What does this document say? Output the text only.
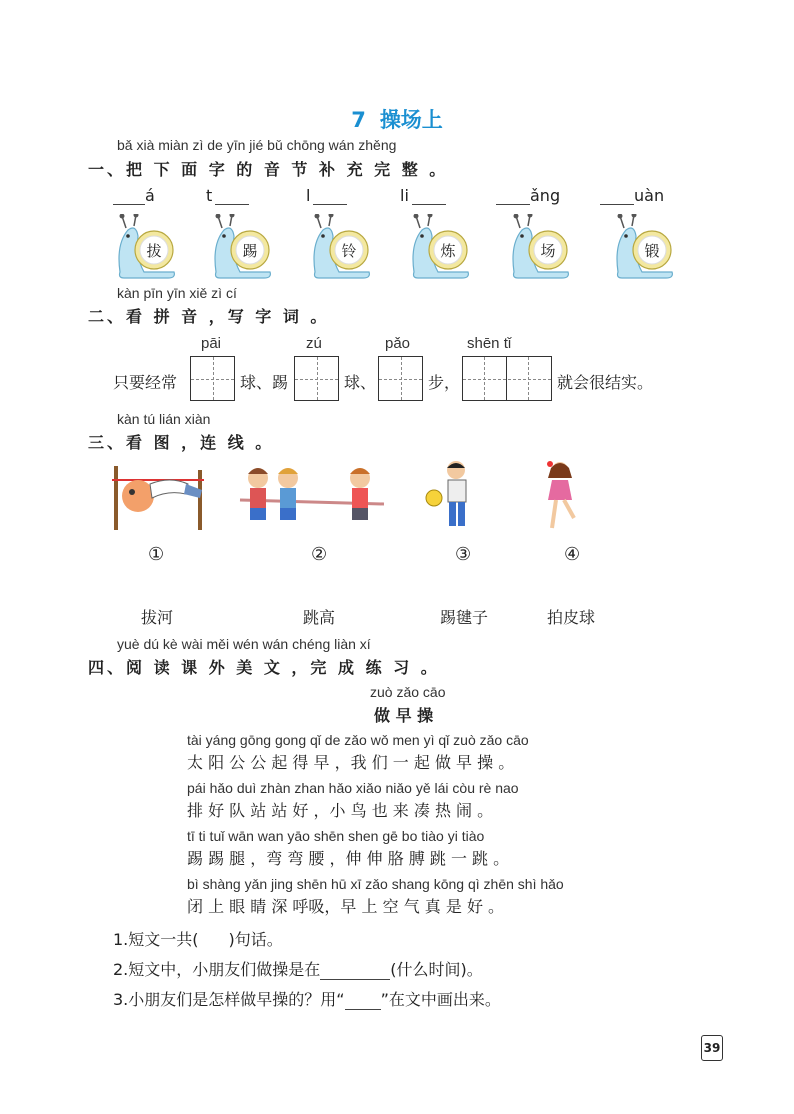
7 操场上
bǎ xià miàn zì de yīn jié bǔ chōng wán zhěng
一、把 下 面 字 的 音 节 补 充 完 整 。
á	t	l	li	ǎng	uàn
拔	踢	铃	炼	场	锻
kàn pīn yīn xiě zì cí
二、看 拼 音 ，写 字 词 。
pāi	zú	pǎo	shēn tǐ
只要经常	球、踢	球、	步，	就会很结实。
kàn tú lián xiàn
三、看 图 ，连 线 。
①	②	③	④
拔河	跳高	踢毽子	拍皮球
yuè dú kè wài měi wén wán chéng liàn xí
四、阅 读 课 外 美 文 ，完 成 练 习 。
zuò zǎo cāo
做 早 操
tài yáng gōng gong qǐ de zǎo wǒ men yì qǐ zuò zǎo cāo
太 阳 公 公 起 得 早 ，我 们 一 起 做 早 操 。
pái hǎo duì zhàn zhan hǎo xiǎo niǎo yě lái còu rè nao
排 好 队 站 站 好 ，小 鸟 也 来 凑 热 闹 。
tī ti tuǐ wān wan yāo shēn shen gē bo tiào yi tiào
踢 踢 腿 ，弯 弯 腰 ，伸 伸 胳 膊 跳 一 跳 。
bì shàng yǎn jing shēn hū xī zǎo shang kōng qì zhēn shì hǎo
闭 上 眼 睛 深 呼吸，早 上 空 气 真 是 好 。
1.短文一共( )句话。
2.短文中，小朋友们做操是在	(什么时间)。
3.小朋友们是怎样做早操的？用“ ”在文中画出来。
39
